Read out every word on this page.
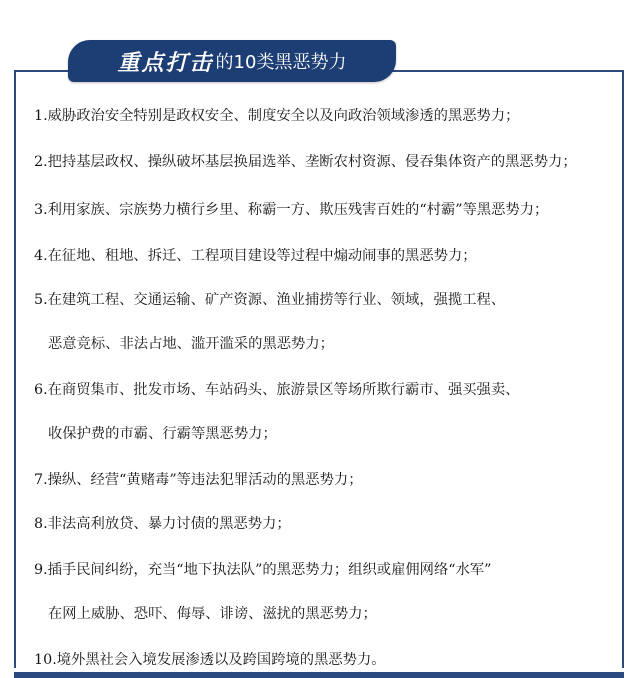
重点打击 的10类黑恶势力
1.威胁政治安全特别是政权安全、制度安全以及向政治领域渗透的黑恶势力；
2.把持基层政权、操纵破坏基层换届选举、垄断农村资源、侵吞集体资产的黑恶势力；
3.利用家族、宗族势力横行乡里、称霸一方、欺压残害百姓的“村霸”等黑恶势力；
4.在征地、租地、拆迁、工程项目建设等过程中煽动闹事的黑恶势力；
5.在建筑工程、交通运输、矿产资源、渔业捕捞等行业、领域，强揽工程、
恶意竞标、非法占地、滥开滥采的黑恶势力；
6.在商贸集市、批发市场、车站码头、旅游景区等场所欺行霸市、强买强卖、
收保护费的市霸、行霸等黑恶势力；
7.操纵、经营“黄赌毒”等违法犯罪活动的黑恶势力；
8.非法高利放贷、暴力讨债的黑恶势力；
9.插手民间纠纷，充当“地下执法队”的黑恶势力；组织或雇佣网络“水军”
在网上威胁、恐吓、侮辱、诽谤、滋扰的黑恶势力；
10.境外黑社会入境发展渗透以及跨国跨境的黑恶势力。
